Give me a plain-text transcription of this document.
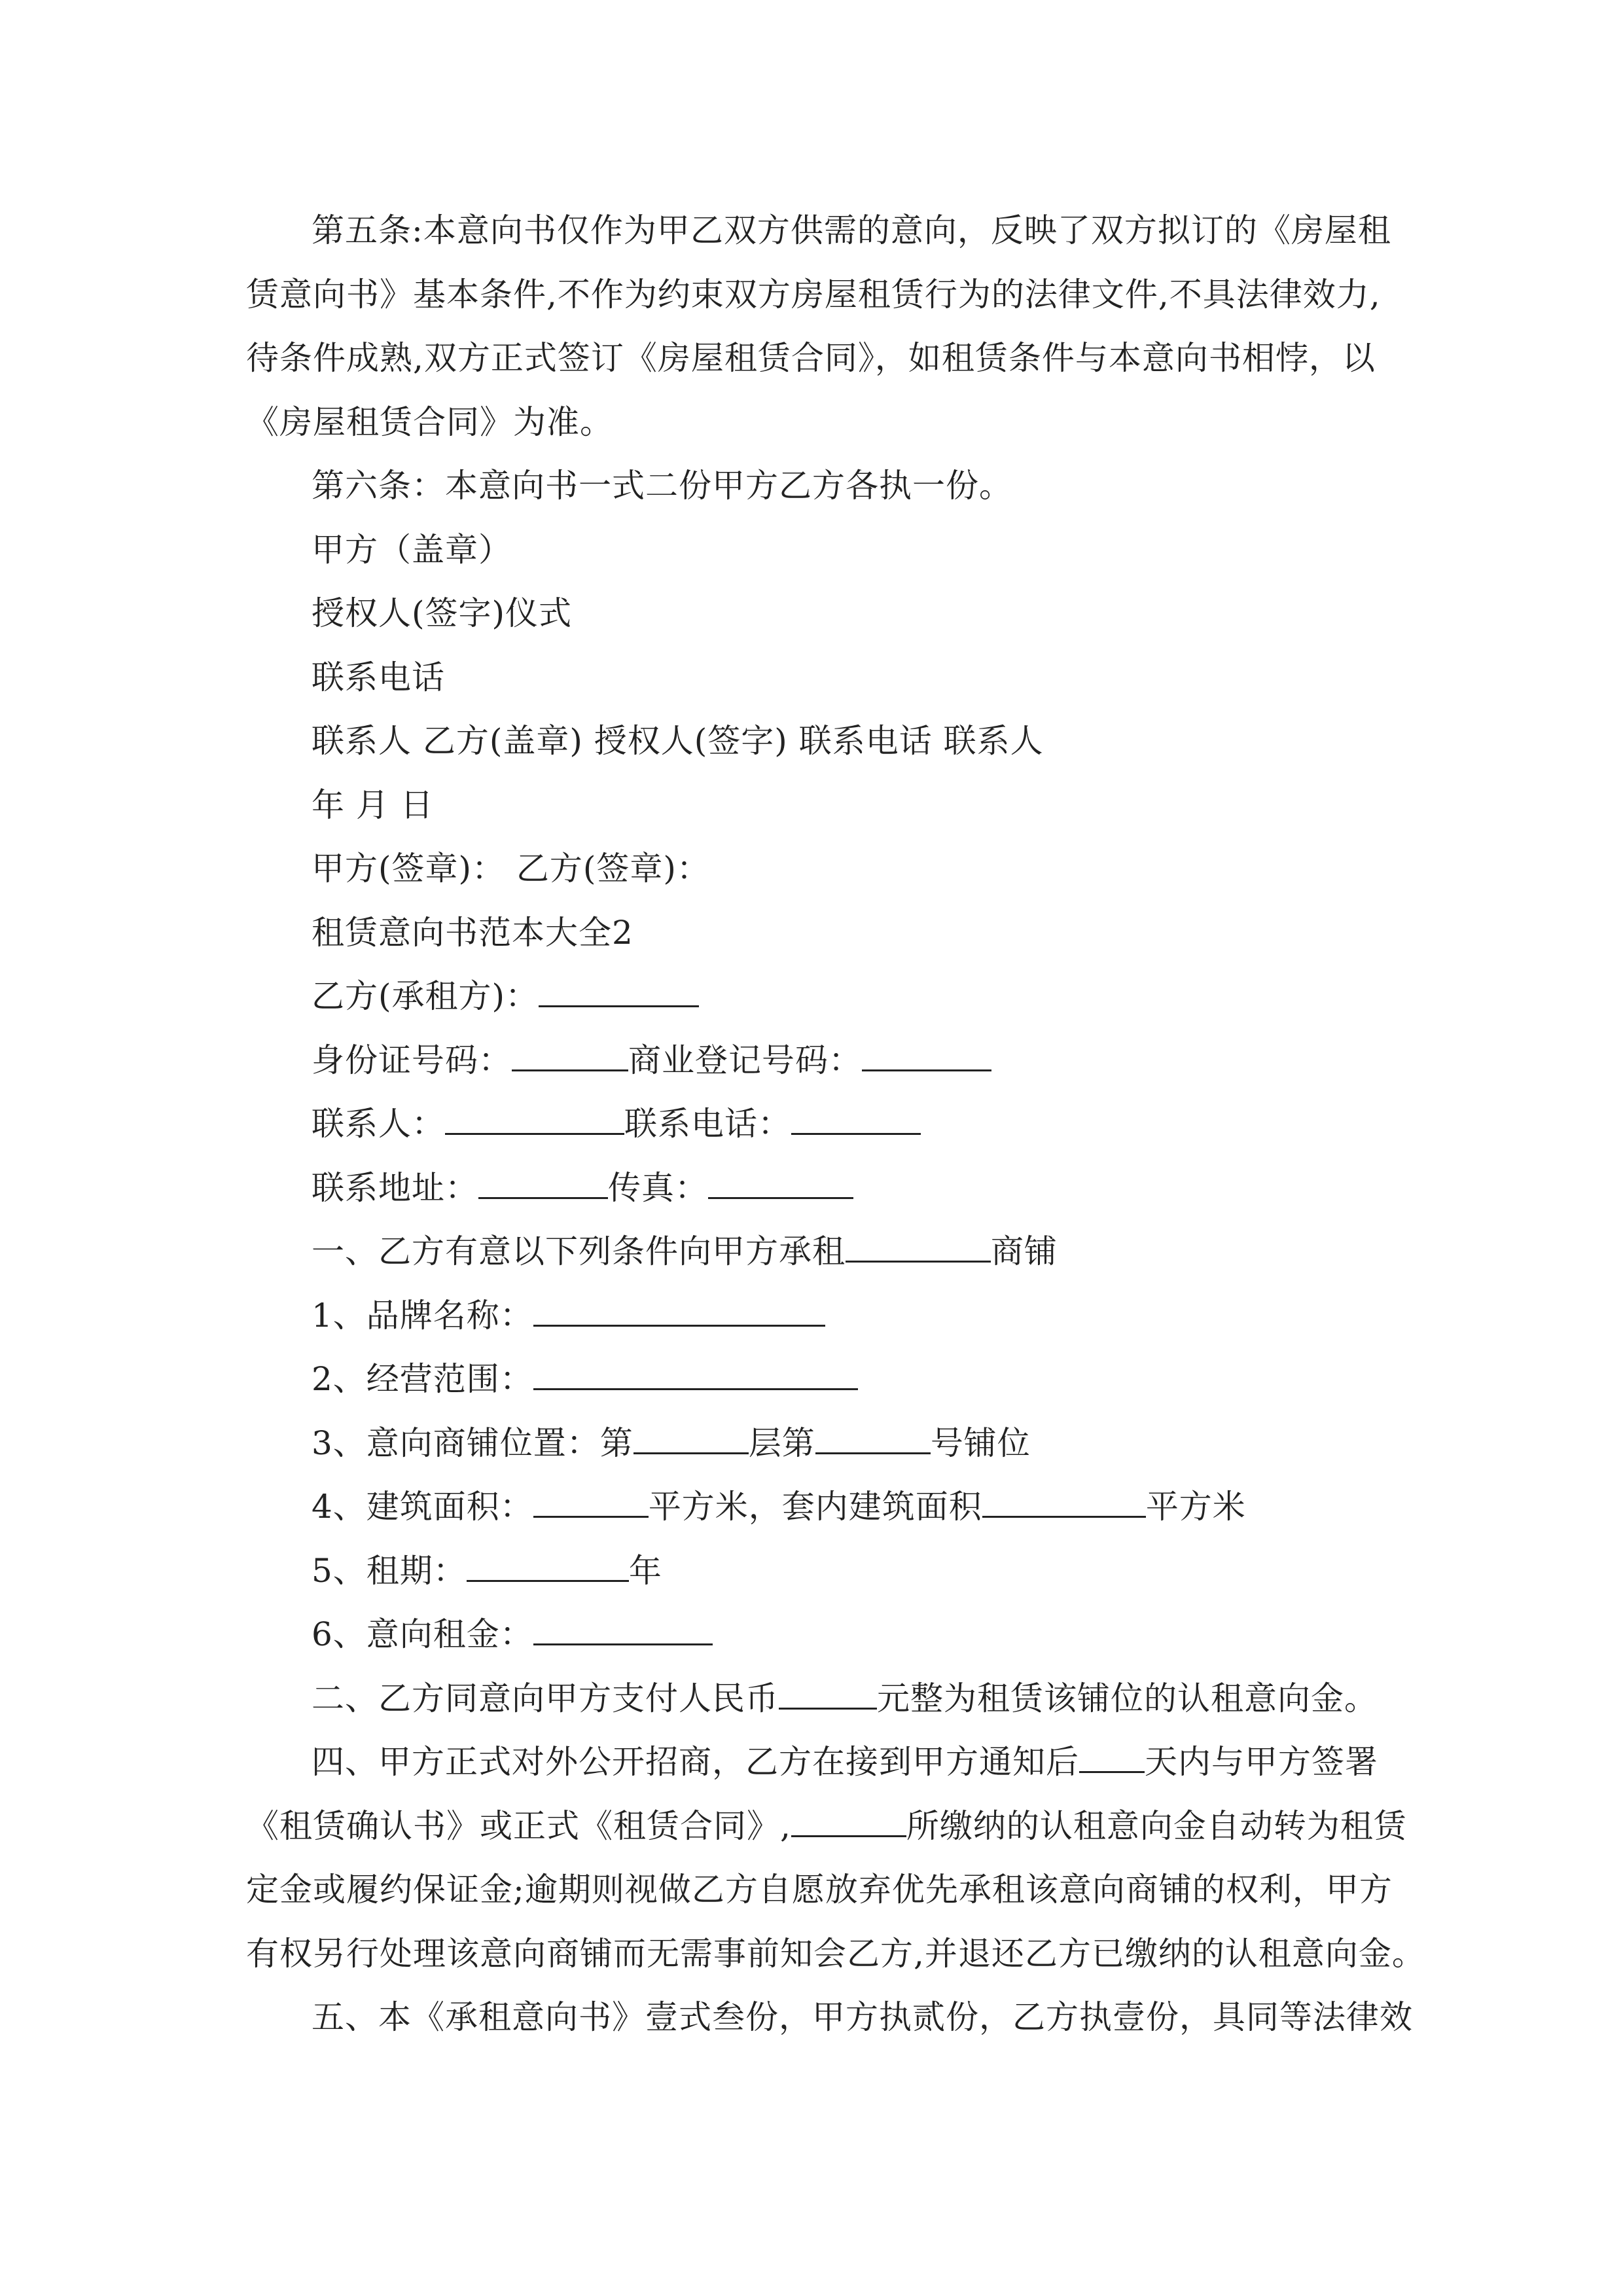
第五条:本意向书仅作为甲乙双方供需的意向，反映了双方拟订的《房屋租
赁意向书》基本条件,不作为约束双方房屋租赁行为的法律文件,不具法律效力,
待条件成熟,双方正式签订《房屋租赁合同》，如租赁条件与本意向书相悖，以
《房屋租赁合同》为准。
第六条：本意向书一式二份甲方乙方各执一份。
甲方（盖章）
授权人(签字)仪式
联系电话
联系人 乙方(盖章) 授权人(签字) 联系电话 联系人
年 月 日
甲方(签章)： 乙方(签章)：
租赁意向书范本大全2
乙方(承租方)：
身份证号码：	商业登记号码：
联系人：	联系电话：
联系地址：	传真：
一、乙方有意以下列条件向甲方承租	商铺
1、品牌名称：
2、经营范围：
3、意向商铺位置：第	层第	号铺位
4、建筑面积：	平方米，套内建筑面积	平方米
5、租期：	年
6、意向租金：
二、乙方同意向甲方支付人民币	元整为租赁该铺位的认租意向金。
四、甲方正式对外公开招商，乙方在接到甲方通知后 天内与甲方签署
《租赁确认书》或正式《租赁合同》,	所缴纳的认租意向金自动转为租赁
定金或履约保证金;逾期则视做乙方自愿放弃优先承租该意向商铺的权利，甲方
有权另行处理该意向商铺而无需事前知会乙方,并退还乙方已缴纳的认租意向金。
五、本《承租意向书》壹式叁份，甲方执贰份，乙方执壹份，具同等法律效
